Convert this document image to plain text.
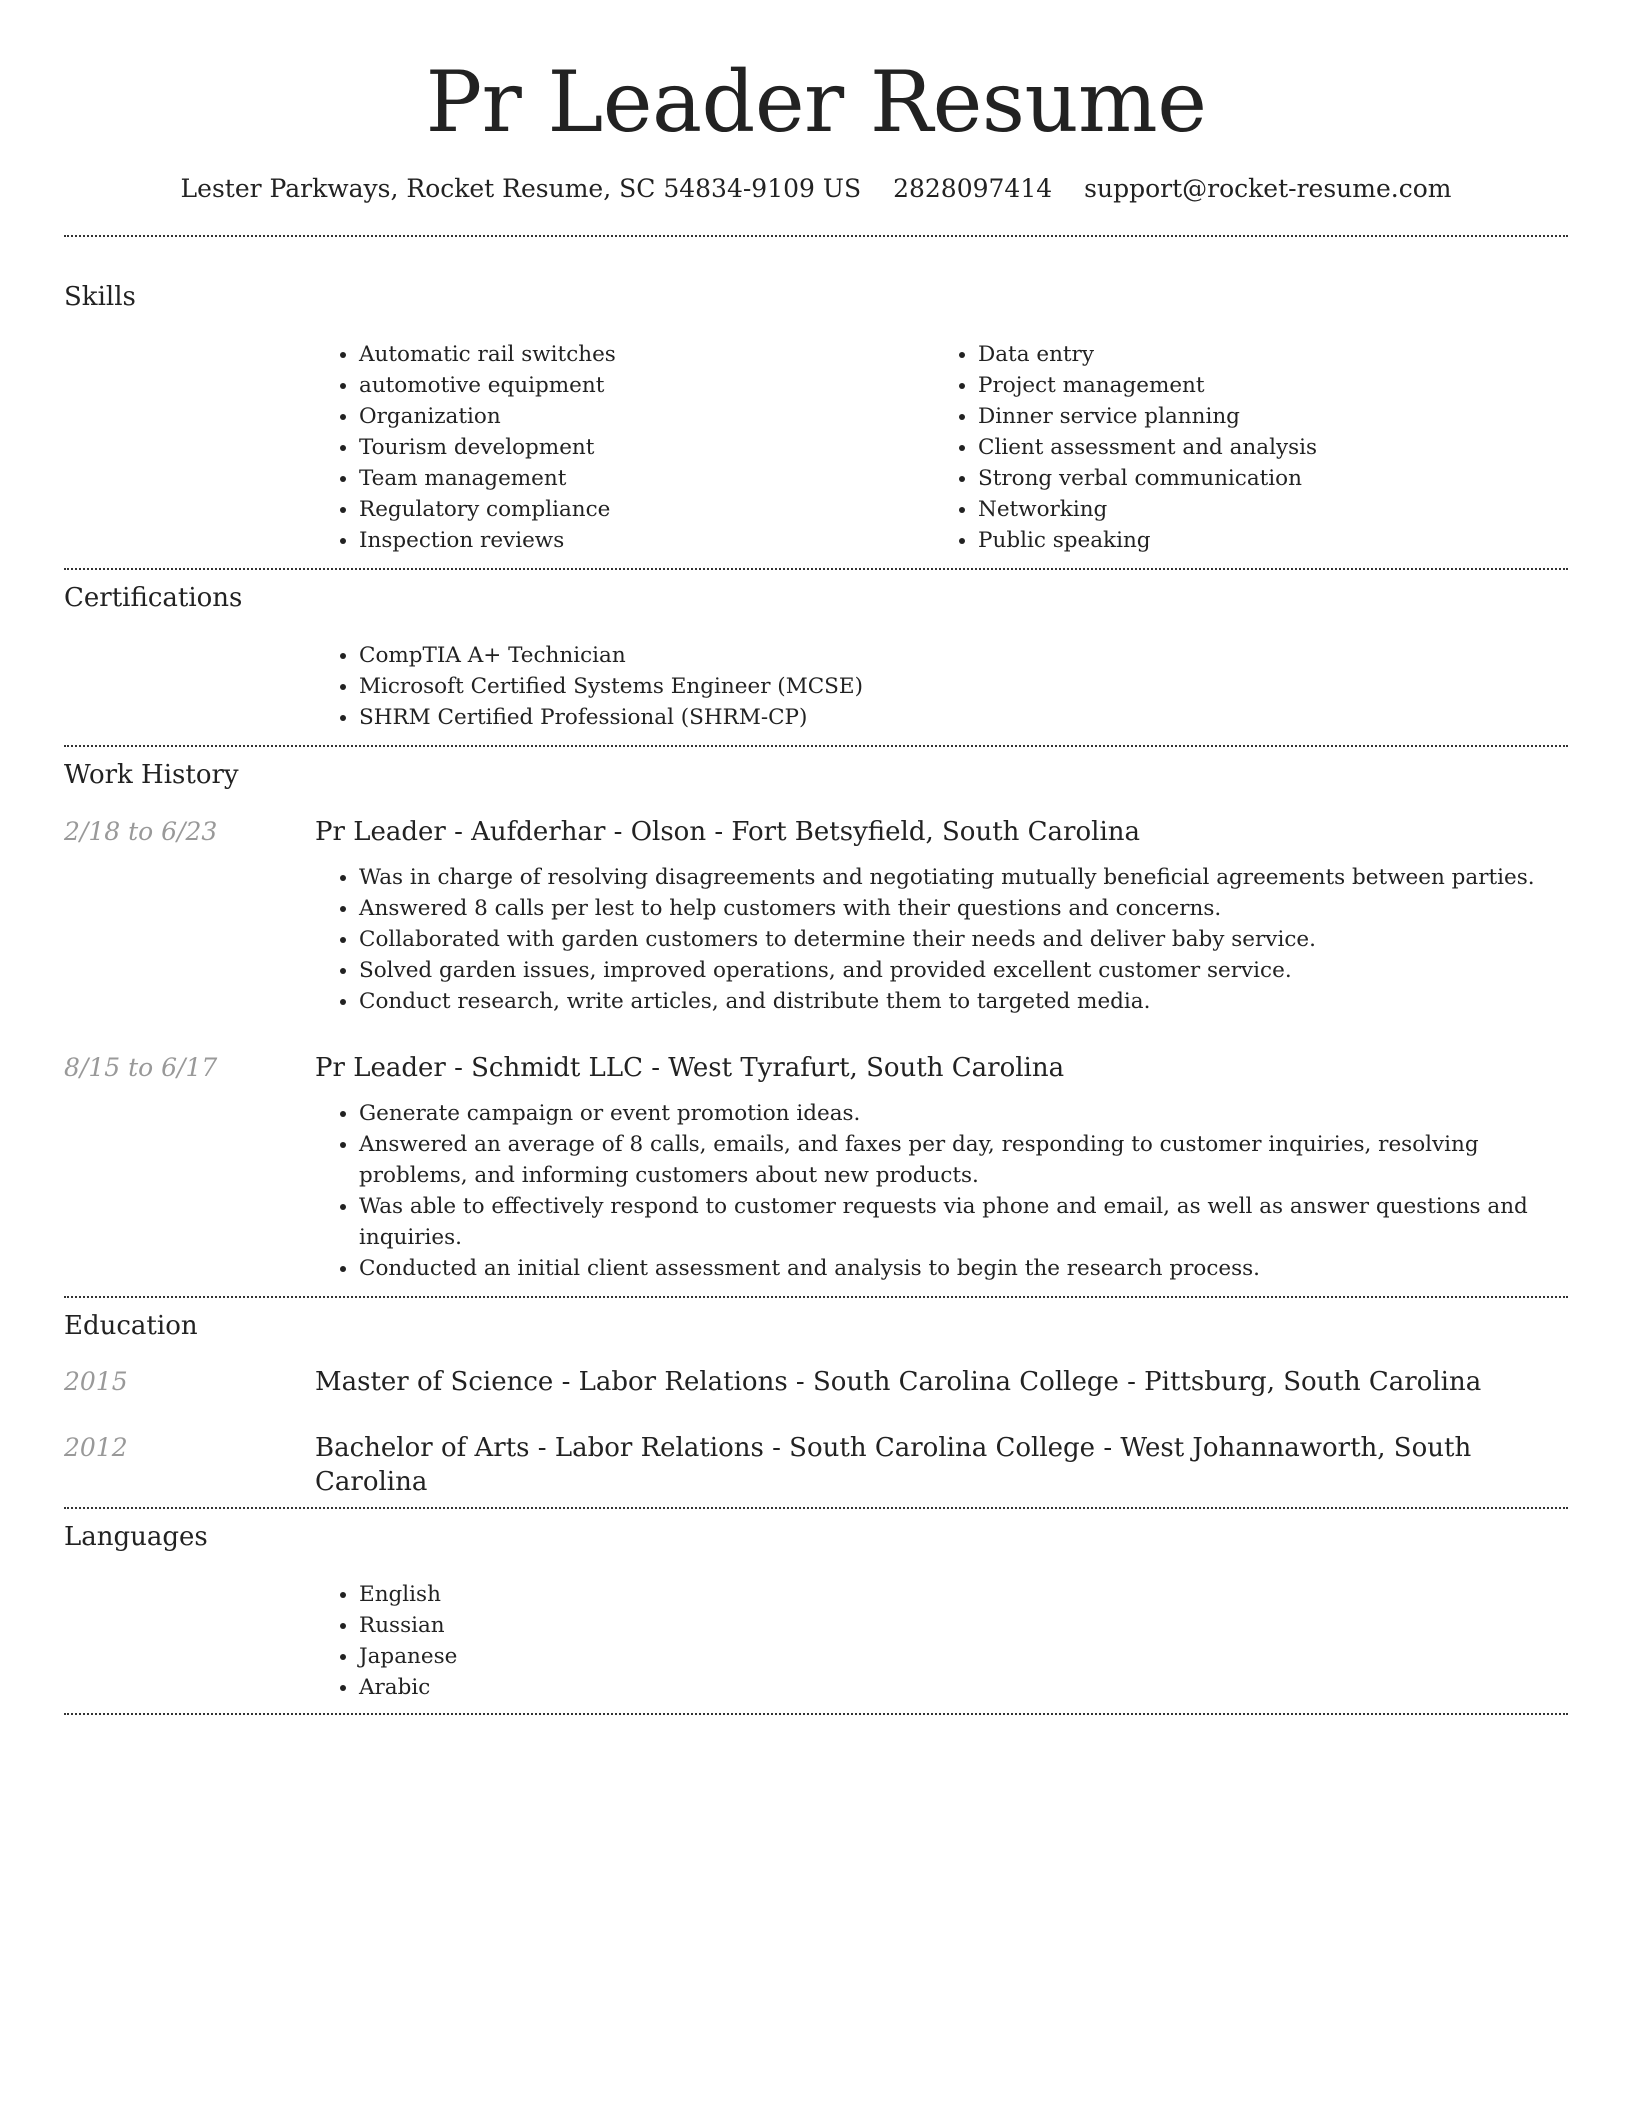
Pr Leader Resume
Lester Parkways, Rocket Resume, SC 54834-9109 US 2828097414 support@rocket-resume.com
Skills
• Automatic rail switches
• automotive equipment
• Organization
• Tourism development
• Team management
• Regulatory compliance
• Inspection reviews
• Data entry
• Project management
• Dinner service planning
• Client assessment and analysis
• Strong verbal communication
• Networking
• Public speaking
Certifications
• CompTIA A+ Technician
• Microsoft Certified Systems Engineer (MCSE)
• SHRM Certified Professional (SHRM-CP)
Work History
2/18 to 6/23	Pr Leader - Aufderhar - Olson - Fort Betsyfield, South Carolina
• Was in charge of resolving disagreements and negotiating mutually beneficial agreements between parties.
• Answered 8 calls per lest to help customers with their questions and concerns.
• Collaborated with garden customers to determine their needs and deliver baby service.
• Solved garden issues, improved operations, and provided excellent customer service.
• Conduct research, write articles, and distribute them to targeted media.
8/15 to 6/17	Pr Leader - Schmidt LLC - West Tyrafurt, South Carolina
• Generate campaign or event promotion ideas.
• Answered an average of 8 calls, emails, and faxes per day, responding to customer inquiries, resolving problems, and informing customers about new products.
• Was able to effectively respond to customer requests via phone and email, as well as answer questions and inquiries.
• Conducted an initial client assessment and analysis to begin the research process.
Education
2015	Master of Science - Labor Relations - South Carolina College - Pittsburg, South Carolina
2012	Bachelor of Arts - Labor Relations - South Carolina College - West Johannaworth, South Carolina
Languages
• English
• Russian
• Japanese
• Arabic
